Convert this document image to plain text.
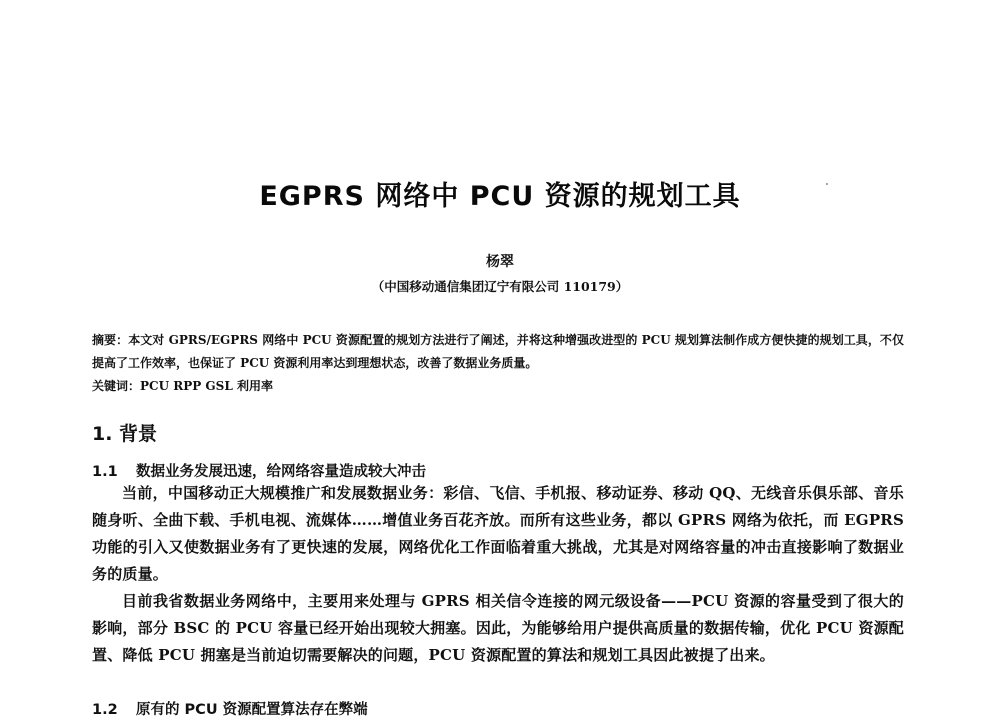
EGPRS 网络中 PCU 资源的规划工具
杨翠
（中国移动通信集团辽宁有限公司 110179）
摘要：本文对 GPRS/EGPRS 网络中 PCU 资源配置的规划方法进行了阐述，并将这种增强改进型的 PCU 规划算法制作成方便快捷的规划工具，不仅提高了工作效率，也保证了 PCU 资源利用率达到理想状态，改善了数据业务质量。
关键词：PCU RPP GSL 利用率
1. 背景
1.1 数据业务发展迅速，给网络容量造成较大冲击
当前，中国移动正大规模推广和发展数据业务：彩信、飞信、手机报、移动证券、移动 QQ、无线音乐俱乐部、音乐随身听、全曲下载、手机电视、流媒体……增值业务百花齐放。而所有这些业务，都以 GPRS 网络为依托，而 EGPRS 功能的引入又使数据业务有了更快速的发展，网络优化工作面临着重大挑战，尤其是对网络容量的冲击直接影响了数据业务的质量。
目前我省数据业务网络中，主要用来处理与 GPRS 相关信令连接的网元级设备——PCU 资源的容量受到了很大的影响，部分 BSC 的 PCU 容量已经开始出现较大拥塞。因此，为能够给用户提供高质量的数据传输，优化 PCU 资源配置、降低 PCU 拥塞是当前迫切需要解决的问题，PCU 资源配置的算法和规划工具因此被提了出来。
1.2 原有的 PCU 资源配置算法存在弊端
